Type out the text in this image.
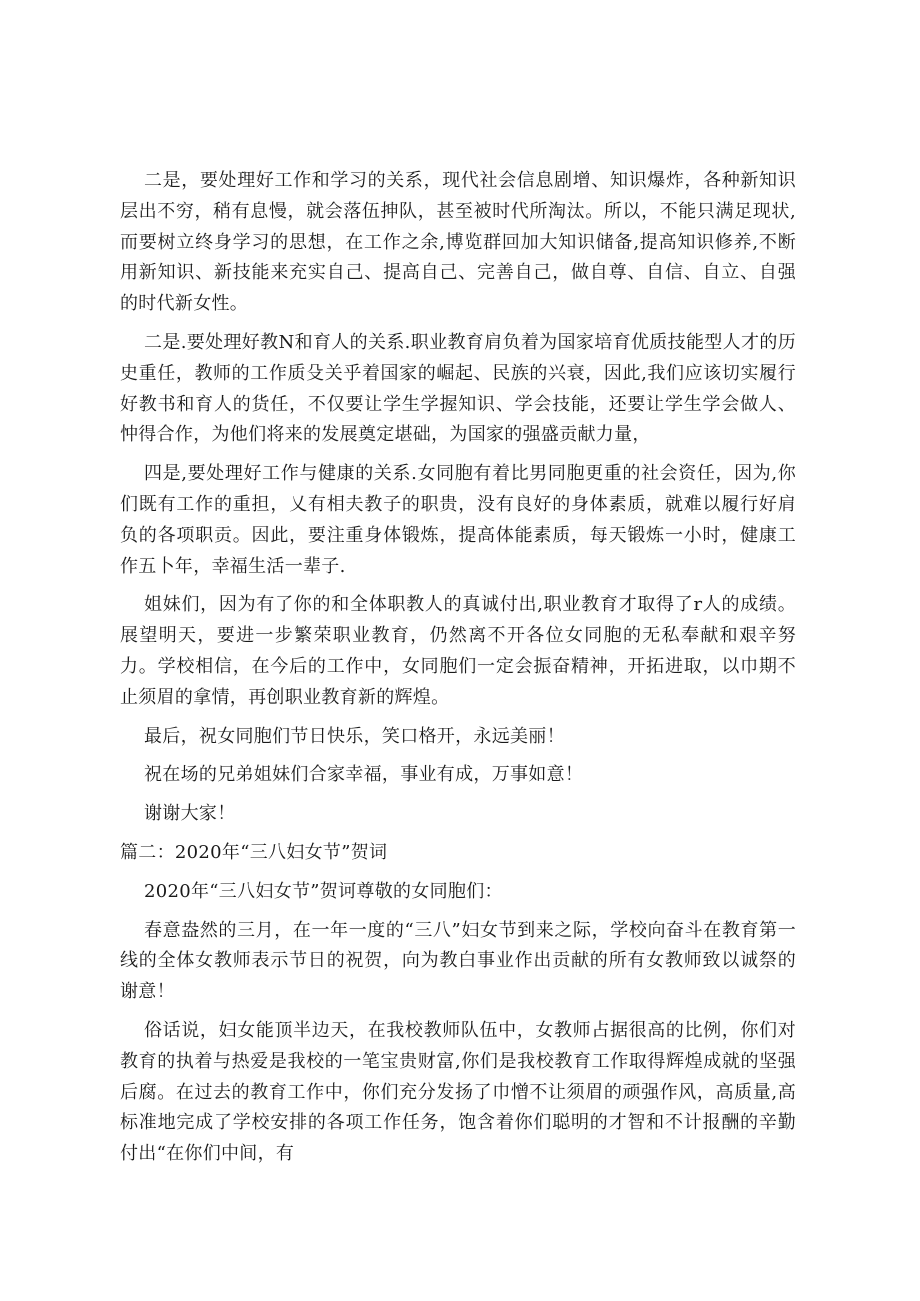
二是，要处理好工作和学习的关系，现代社会信息剧增、知识爆炸，各种新知识层出不穷，稍有息慢，就会落伍抻队，甚至被时代所淘汰。所以，不能只满足现状,而要树立终身学习的思想，在工作之余,博览群回加大知识储备,提高知识修养,不断用新知识、新技能来充实自己、提高自己、完善自己，做自尊、自信、自立、自强的时代新女性。

二是.要处理好教N和育人的关系.职业教育肩负着为国家培育优质技能型人才的历史重任，教师的工作质殳关乎着国家的崛起、民族的兴衰，因此,我们应该切实履行好教书和育人的货任，不仅要让学生学握知识、学会技能，还要让学生学会做人、忡得合作，为他们将来的发展奠定堪础，为国家的强盛贡献力量，

四是,要处理好工作与健康的关系.女同胞有着比男同胞更重的社会资任，因为,你们既有工作的重担，乂有相夫教子的职贵，没有良好的身体素质，就难以履行好肩负的各项职贡。因此，要注重身体锻炼，提高体能素质，每天锻炼一小时，健康工作五卜年，幸福生活一辈子.

姐妹们，因为有了你的和全体职教人的真诚付出,职业教育才取得了r人的成绩。展望明天，要进一步繁荣职业教育，仍然离不开各位女同胞的无私奉献和艰辛努力。学校相信，在今后的工作中，女同胞们一定会振奋精神，开拓进取，以巾期不止须眉的拿情，再创职业教育新的辉煌。

最后，祝女同胞们节日快乐，笑口格开，永远美丽！

祝在场的兄弟姐妹们合家幸福，事业有成，万事如意！

谢谢大家！

篇二：2020年“三八妇女节”贺词

2020年“三八妇女节”贺诃尊敬的女同胞们：

春意盎然的三月，在一年一度的“三八”妇女节到来之际，学校向奋斗在教育第一线的全体女教师表示节日的祝贺，向为教白事业作出贡献的所有女教师致以诚祭的谢意！

俗话说，妇女能顶半边天，在我校教师队伍中，女教师占据很高的比例，你们对教育的执着与热爱是我校的一笔宝贵财富,你们是我校教育工作取得辉煌成就的坚强后腐。在过去的教育工作中，你们充分发扬了巾憎不让须眉的顽强作风，高质量,高标准地完成了学校安排的各项工作任务，饱含着你们聪明的才智和不计报酬的辛勤付出“在你们中间，有
